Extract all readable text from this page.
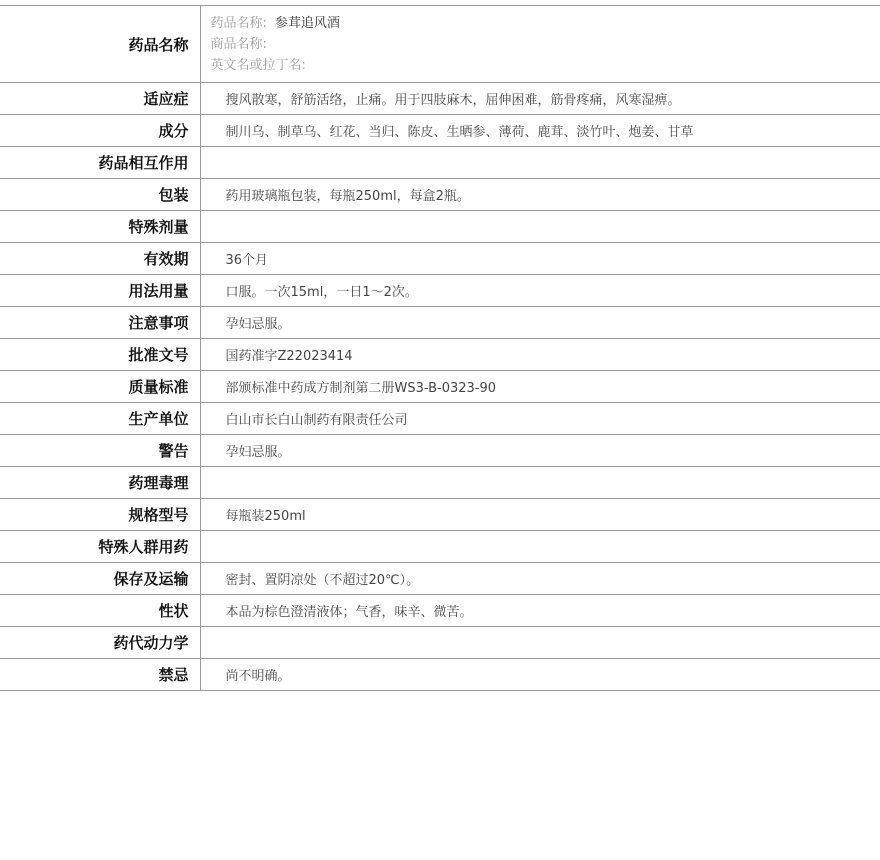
药品名称	药品名称: 参茸追风酒
商品名称:
英文名或拉丁名:

适应症	搜风散寒，舒筋活络，止痛。用于四肢麻木，屈伸困难，筋骨疼痛，风寒湿痹。
成分	制川乌、制草乌、红花、当归、陈皮、生晒参、薄荷、鹿茸、淡竹叶、炮姜、甘草
药品相互作用	
包装	药用玻璃瓶包装，每瓶250ml，每盒2瓶。
特殊剂量	
有效期	36个月
用法用量	口服。一次15ml，一日1～2次。
注意事项	孕妇忌服。
批准文号	国药准字Z22023414
质量标准	部颁标准中药成方制剂第二册WS3-B-0323-90
生产单位	白山市长白山制药有限责任公司
警告	孕妇忌服。
药理毒理	
规格型号	每瓶装250ml
特殊人群用药	
保存及运输	密封、置阴凉处（不超过20℃）。
性状	本品为棕色澄清液体；气香，味辛、微苦。
药代动力学	
禁忌	尚不明确。
